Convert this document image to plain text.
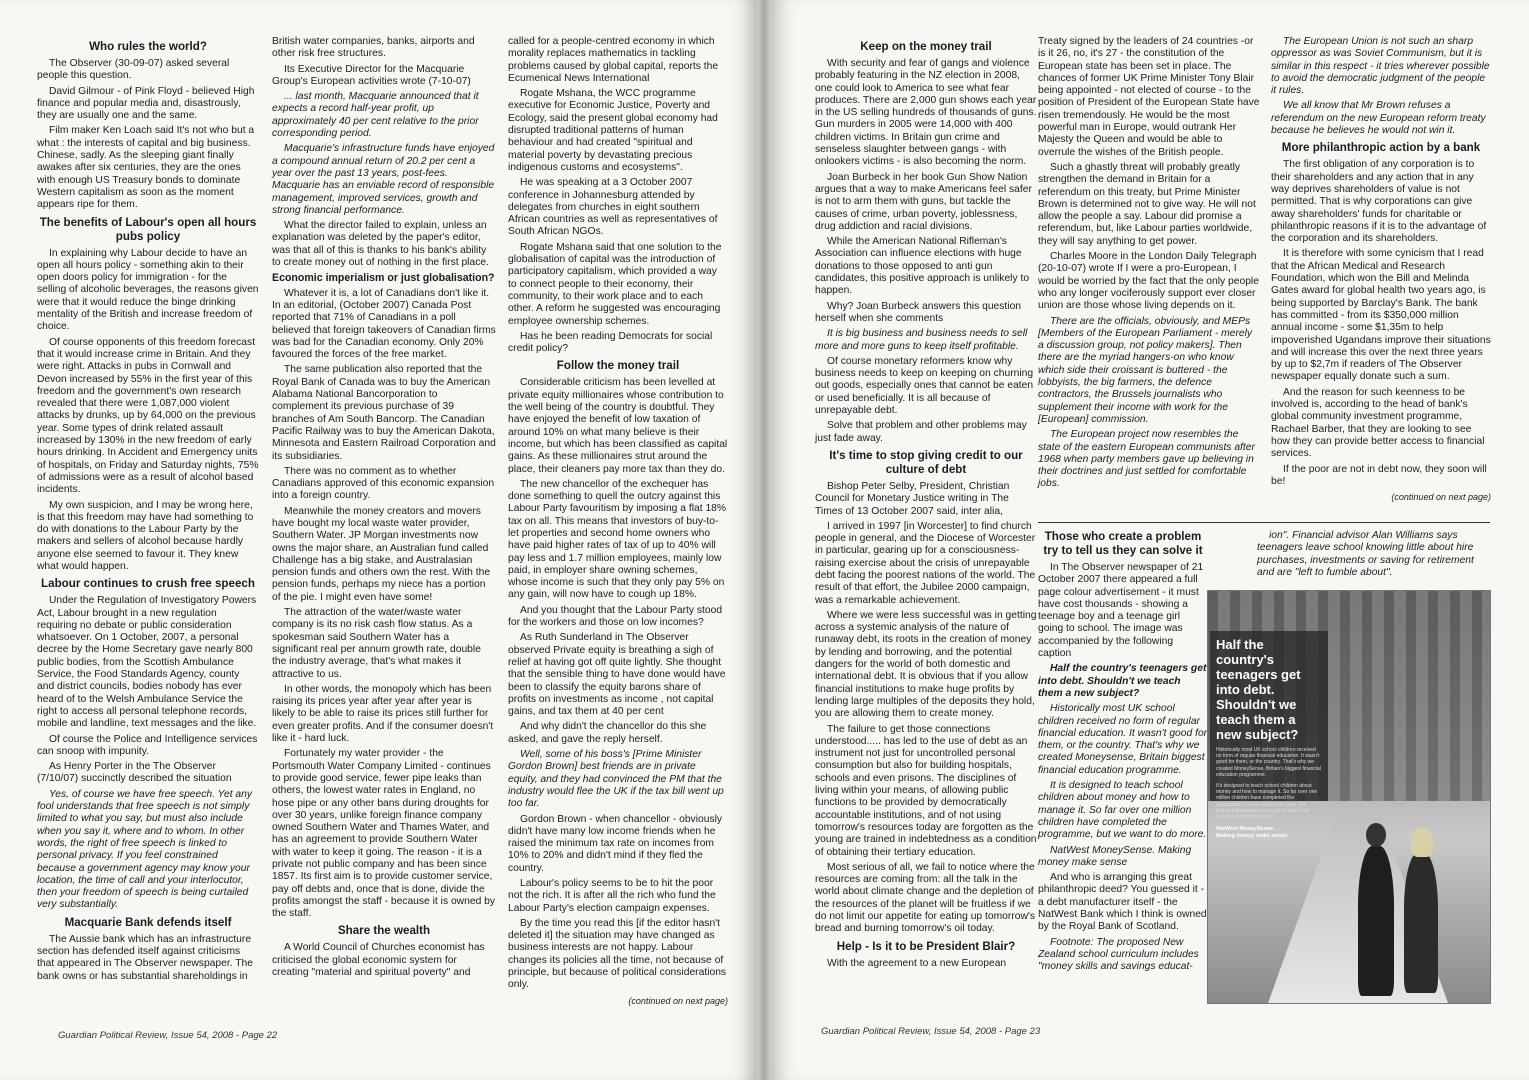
Who rules the world?

The Observer (30-09-07) asked several people this question.

David Gilmour - of Pink Floyd - believed High finance and popular media and, disastrously, they are usually one and the same.

Film maker Ken Loach said It's not who but a what : the interests of capital and big business. Chinese, sadly. As the sleeping giant finally awakes after six centuries, they are the ones with enough US Treasury bonds to dominate Western capitalism as soon as the moment appears ripe for them.

The benefits of Labour's open all hours pubs policy

In explaining why Labour decide to have an open all hours policy - something akin to their open doors policy for immigration - for the selling of alcoholic beverages, the reasons given were that it would reduce the binge drinking mentality of the British and increase freedom of choice.

Of course opponents of this freedom forecast that it would increase crime in Britain. And they were right. Attacks in pubs in Cornwall and Devon increased by 55% in the first year of this freedom and the government's own research revealed that there were 1,087,000 violent attacks by drunks, up by 64,000 on the previous year. Some types of drink related assault increased by 130% in the new freedom of early hours drinking. In Accident and Emergency units of hospitals, on Friday and Saturday nights, 75% of admissions were as a result of alcohol based incidents.

My own suspicion, and I may be wrong here, is that this freedom may have had something to do with donations to the Labour Party by the makers and sellers of alcohol because hardly anyone else seemed to favour it. They knew what would happen.

Labour continues to crush free speech

Under the Regulation of Investigatory Powers Act, Labour brought in a new regulation requiring no debate or public consideration whatsoever. On 1 October, 2007, a personal decree by the Home Secretary gave nearly 800 public bodies, from the Scottish Ambulance Service, the Food Standards Agency, county and district councils, bodies nobody has ever heard of to the Welsh Ambulance Service the right to access all personal telephone records, mobile and landline, text messages and the like.

Of course the Police and Intelligence services can snoop with impunity.

As Henry Porter in the The Observer (7/10/07) succinctly described the situation

Yes, of course we have free speech. Yet any fool understands that free speech is not simply limited to what you say, but must also include when you say it, where and to whom. In other words, the right of free speech is linked to personal privacy. If you feel constrained because a government agency may know your location, the time of call and your interlocutor, then your freedom of speech is being curtailed very substantially.

Macquarie Bank defends itself

The Aussie bank which has an infrastructure section has defended itself against criticisms that appeared in The Observer newspaper. The bank owns or has substantial shareholdings in

British water companies, banks, airports and other risk free structures.

Its Executive Director for the Macquarie Group's European activities wrote (7-10-07)

... last month, Macquarie announced that it expects a record half-year profit, up approximately 40 per cent relative to the prior corresponding period.

Macquarie's infrastructure funds have enjoyed a compound annual return of 20.2 per cent a year over the past 13 years, post-fees. Macquarie has an enviable record of responsible management, improved services, growth and strong financial performance.

What the director failed to explain, unless an explanation was deleted by the paper's editor, was that all of this is thanks to his bank's ability to create money out of nothing in the first place.

Economic imperialism or just globalisation?

Whatever it is, a lot of Canadians don't like it. In an editorial, (October 2007) Canada Post reported that 71% of Canadians in a poll believed that foreign takeovers of Canadian firms was bad for the Canadian economy. Only 20% favoured the forces of the free market.

The same publication also reported that the Royal Bank of Canada was to buy the American Alabama National Bancorporation to complement its previous purchase of 39 branches of Am South Bancorp. The Canadian Pacific Railway was to buy the American Dakota, Minnesota and Eastern Railroad Corporation and its subsidiaries.

There was no comment as to whether Canadians approved of this economic expansion into a foreign country.

Meanwhile the money creators and movers have bought my local waste water provider, Southern Water. JP Morgan investments now owns the major share, an Australian fund called Challenge has a big stake, and Australasian pension funds and others own the rest. With the pension funds, perhaps my niece has a portion of the pie. I might even have some!

The attraction of the water/waste water company is its no risk cash flow status. As a spokesman said Southern Water has a significant real per annum growth rate, double the industry average, that's what makes it attractive to us.

In other words, the monopoly which has been raising its prices year after year after year is likely to be able to raise its prices still further for even greater profits. And if the consumer doesn't like it - hard luck.

Fortunately my water provider - the Portsmouth Water Company Limited - continues to provide good service, fewer pipe leaks than others, the lowest water rates in England, no hose pipe or any other bans during droughts for over 30 years, unlike foreign finance company owned Southern Water and Thames Water, and has an agreement to provide Southern Water with water to keep it going. The reason - it is a private not public company and has been since 1857. Its first aim is to provide customer service, pay off debts and, once that is done, divide the profits amongst the staff - because it is owned by the staff.

Share the wealth

A World Council of Churches economist has criticised the global economic system for creating "material and spiritual poverty" and

called for a people-centred economy in which morality replaces mathematics in tackling problems caused by global capital, reports the Ecumenical News International

Rogate Mshana, the WCC programme executive for Economic Justice, Poverty and Ecology, said the present global economy had disrupted traditional patterns of human behaviour and had created "spiritual and material poverty by devastating precious indigenous customs and ecosystems".

He was speaking at a 3 October 2007 conference in Johannesburg attended by delegates from churches in eight southern African countries as well as representatives of South African NGOs.

Rogate Mshana said that one solution to the globalisation of capital was the introduction of participatory capitalism, which provided a way to connect people to their economy, their community, to their work place and to each other. A reform he suggested was encouraging employee ownership schemes.

Has he been reading Democrats for social credit policy?

Follow the money trail

Considerable criticism has been levelled at private equity millionaires whose contribution to the well being of the country is doubtful. They have enjoyed the benefit of low taxation of around 10% on what many believe is their income, but which has been classified as capital gains. As these millionaires strut around the place, their cleaners pay more tax than they do.

The new chancellor of the exchequer has done something to quell the outcry against this Labour Party favouritism by imposing a flat 18% tax on all. This means that investors of buy-to-let properties and second home owners who have paid higher rates of tax of up to 40% will pay less and 1.7 million employees, mainly low paid, in employer share owning schemes, whose income is such that they only pay 5% on any gain, will now have to cough up 18%.

And you thought that the Labour Party stood for the workers and those on low incomes?

As Ruth Sunderland in The Observer observed Private equity is breathing a sigh of relief at having got off quite lightly. She thought that the sensible thing to have done would have been to classify the equity barons share of profits on investments as income , not capital gains, and tax them at 40 per cent

And why didn't the chancellor do this she asked, and gave the reply herself.

Well, some of his boss's [Prime Minister Gordon Brown] best friends are in private equity, and they had convinced the PM that the industry would flee the UK if the tax bill went up too far.

Gordon Brown - when chancellor - obviously didn't have many low income friends when he raised the minimum tax rate on incomes from 10% to 20% and didn't mind if they fled the country.

Labour's policy seems to be to hit the poor not the rich. It is after all the rich who fund the Labour Party's election campaign expenses.

By the time you read this [if the editor hasn't deleted it] the situation may have changed as business interests are not happy. Labour changes its policies all the time, not because of principle, but because of political considerations only.

(continued on next page)
Guardian Political Review, Issue 54, 2008 - Page 22
Keep on the money trail

With security and fear of gangs and violence probably featuring in the NZ election in 2008, one could look to America to see what fear produces. There are 2,000 gun shows each year in the US selling hundreds of thousands of guns. Gun murders in 2005 were 14,000 with 400 children victims. In Britain gun crime and senseless slaughter between gangs - with onlookers victims - is also becoming the norm.

Joan Burbeck in her book Gun Show Nation argues that a way to make Americans feel safer is not to arm them with guns, but tackle the causes of crime, urban poverty, joblessness, drug addiction and racial divisions.

While the American National Rifleman's Association can influence elections with huge donations to those opposed to anti gun candidates, this positive approach is unlikely to happen.

Why? Joan Burbeck answers this question herself when she comments

It is big business and business needs to sell more and more guns to keep itself profitable.

Of course monetary reformers know why business needs to keep on keeping on churning out goods, especially ones that cannot be eaten or used beneficially. It is all because of unrepayable debt.

Solve that problem and other problems may just fade away.

It's time to stop giving credit to our culture of debt

Bishop Peter Selby, President, Christian Council for Monetary Justice writing in The Times of 13 October 2007 said, inter alia,

I arrived in 1997 [in Worcester] to find church people in general, and the Diocese of Worcester in particular, gearing up for a consciousness-raising exercise about the crisis of unrepayable debt facing the poorest nations of the world. The result of that effort, the Jubilee 2000 campaign, was a remarkable achievement.

Where we were less successful was in getting across a systemic analysis of the nature of runaway debt, its roots in the creation of money by lending and borrowing, and the potential dangers for the world of both domestic and international debt. It is obvious that if you allow financial institutions to make huge profits by lending large multiples of the deposits they hold, you are allowing them to create money.

The failure to get those connections understood..... has led to the use of debt as an instrument not just for uncontrolled personal consumption but also for building hospitals, schools and even prisons. The disciplines of living within your means, of allowing public functions to be provided by democratically accountable institutions, and of not using tomorrow's resources today are forgotten as the young are trained in indebtedness as a condition of obtaining their tertiary education.

Most serious of all, we fail to notice where the resources are coming from: all the talk in the world about climate change and the depletion of the resources of the planet will be fruitless if we do not limit our appetite for eating up tomorrow's bread and burning tomorrow's oil today.

Help - Is it to be President Blair?

With the agreement to a new European

Treaty signed by the leaders of 24 countries -or is it 26, no, it's 27 - the constitution of the European state has been set in place. The chances of former UK Prime Minister Tony Blair being appointed - not elected of course - to the position of President of the European State have risen tremendously. He would be the most powerful man in Europe, would outrank Her Majesty the Queen and would be able to overrule the wishes of the British people.

Such a ghastly threat will probably greatly strengthen the demand in Britain for a referendum on this treaty, but Prime Minister Brown is determined not to give way. He will not allow the people a say. Labour did promise a referendum, but, like Labour parties worldwide, they will say anything to get power.

Charles Moore in the London Daily Telegraph (20-10-07) wrote If I were a pro-European, I would be worried by the fact that the only people who any longer vociferously support ever closer union are those whose living depends on it.

There are the officials, obviously, and MEPs [Members of the European Parliament - merely a discussion group, not policy makers]. Then there are the myriad hangers-on who know which side their croissant is buttered - the lobbyists, the big farmers, the defence contractors, the Brussels journalists who supplement their income with work for the [European] commission.

The European project now resembles the state of the eastern European communists after 1968 when party members gave up believing in their doctrines and just settled for comfortable jobs.

The European Union is not such an sharp oppressor as was Soviet Communism, but it is similar in this respect - it tries wherever possible to avoid the democratic judgment of the people it rules.

We all know that Mr Brown refuses a referendum on the new European reform treaty because he believes he would not win it.

More philanthropic action by a bank

The first obligation of any corporation is to their shareholders and any action that in any way deprives shareholders of value is not permitted. That is why corporations can give away shareholders' funds for charitable or philanthropic reasons if it is to the advantage of the corporation and its shareholders.

It is therefore with some cynicism that I read that the African Medical and Research Foundation, which won the Bill and Melinda Gates award for global health two years ago, is being supported by Barclay's Bank. The bank has committed - from its $350,000 million annual income - some $1,35m to help impoverished Ugandans improve their situations and will increase this over the next three years by up to $2,7m if readers of The Observer newspaper equally donate such a sum.

And the reason for such keenness to be involved is, according to the head of bank's global community investment programme, Rachael Barber, that they are looking to see how they can provide better access to financial services.

If the poor are not in debt now, they soon will be!

(continued on next page)
Those who create a problem try to tell us they can solve it

In The Observer newspaper of 21 October 2007 there appeared a full page colour advertisement - it must have cost thousands - showing a teenage boy and a teenage girl going to school. The image was accompanied by the following caption

Half the country's teenagers get into debt. Shouldn't we teach them a new subject?

Historically most UK school children received no form of regular financial education. It wasn't good for them, or the country. That's why we created Moneysense, Britain biggest financial education programme.

It is designed to teach school children about money and how to manage it. So far over one million children have completed the programme, but we want to do more.

NatWest MoneySense. Making money make sense

And who is arranging this great philanthropic deed? You guessed it - a debt manufacturer itself - the NatWest Bank which I think is owned by the Royal Bank of Scotland.

Footnote: The proposed New Zealand school curriculum includes "money skills and savings educat-

ion". Financial advisor Alan Williams says teenagers leave school knowing little about hire purchases, investments or saving for retirement and are "left to fumble about".

Guardian Political Review, Issue 54, 2008 - Page 23
Half the country's teenagers get into debt. Shouldn't we teach them a new subject?
Historically most UK school children received no form of regular financial education. It wasn't good for them, or the country. That's why we created MoneySense, Britain's biggest financial education programme.
It's designed to teach school children about money and how to manage it. So far over one million children have completed the programme, but we want to do more. For further information and to get involved visit natwest.com/moneysense.
NatWest MoneySense.
Making money make sense.
